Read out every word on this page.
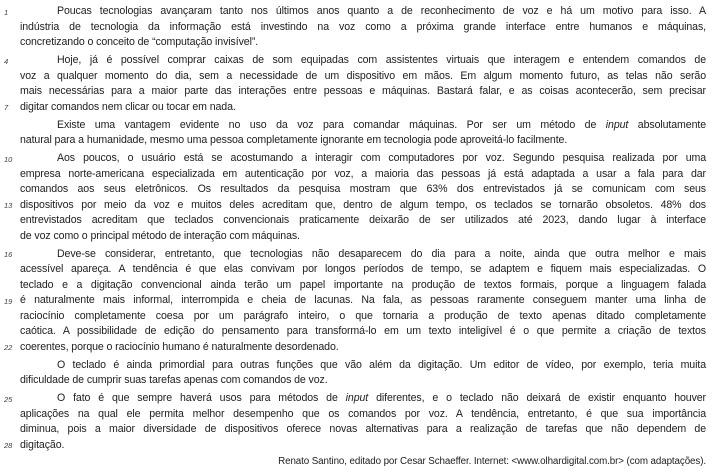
1	Poucas tecnologias avançaram tanto nos últimos anos quanto a de reconhecimento de voz e há um motivo para isso. A
indústria de tecnologia da informação está investindo na voz como a próxima grande interface entre humanos e máquinas,
concretizando o conceito de “computação invisível”.
4	Hoje, já é possível comprar caixas de som equipadas com assistentes virtuais que interagem e entendem comandos de
voz a qualquer momento do dia, sem a necessidade de um dispositivo em mãos. Em algum momento futuro, as telas não serão
mais necessárias para a maior parte das interações entre pessoas e máquinas. Bastará falar, e as coisas acontecerão, sem precisar
7	digitar comandos nem clicar ou tocar em nada.
Existe uma vantagem evidente no uso da voz para comandar máquinas. Por ser um método de input absolutamente
natural para a humanidade, mesmo uma pessoa completamente ignorante em tecnologia pode aproveitá-lo facilmente.
10	Aos poucos, o usuário está se acostumando a interagir com computadores por voz. Segundo pesquisa realizada por uma
empresa norte-americana especializada em autenticação por voz, a maioria das pessoas já está adaptada a usar a fala para dar
comandos aos seus eletrônicos. Os resultados da pesquisa mostram que 63% dos entrevistados já se comunicam com seus
13 dispositivos por meio da voz e muitos deles acreditam que, dentro de algum tempo, os teclados se tornarão obsoletos. 48% dos
entrevistados acreditam que teclados convencionais praticamente deixarão de ser utilizados até 2023, dando lugar à interface
de voz como o principal método de interação com máquinas.
16	Deve-se considerar, entretanto, que tecnologias não desaparecem do dia para a noite, ainda que outra melhor e mais
acessível apareça. A tendência é que elas convivam por longos períodos de tempo, se adaptem e fiquem mais especializadas. O
teclado e a digitação convencional ainda terão um papel importante na produção de textos formais, porque a linguagem falada
19 é naturalmente mais informal, interrompida e cheia de lacunas. Na fala, as pessoas raramente conseguem manter uma linha de
raciocínio completamente coesa por um parágrafo inteiro, o que tornaria a produção de texto apenas ditado completamente
caótica. A possibilidade de edição do pensamento para transformá-lo em um texto inteligível é o que permite a criação de textos
22 coerentes, porque o raciocínio humano é naturalmente desordenado.
O teclado é ainda primordial para outras funções que vão além da digitação. Um editor de vídeo, por exemplo, teria muita
dificuldade de cumprir suas tarefas apenas com comandos de voz.
25	O fato é que sempre haverá usos para métodos de input diferentes, e o teclado não deixará de existir enquanto houver
aplicações na qual ele permita melhor desempenho que os comandos por voz. A tendência, entretanto, é que sua importância
diminua, pois a maior diversidade de dispositivos oferece novas alternativas para a realização de tarefas que não dependem de
28 digitação.
Renato Santino, editado por Cesar Schaeffer. Internet: <www.olhardigital.com.br> (com adaptações).
